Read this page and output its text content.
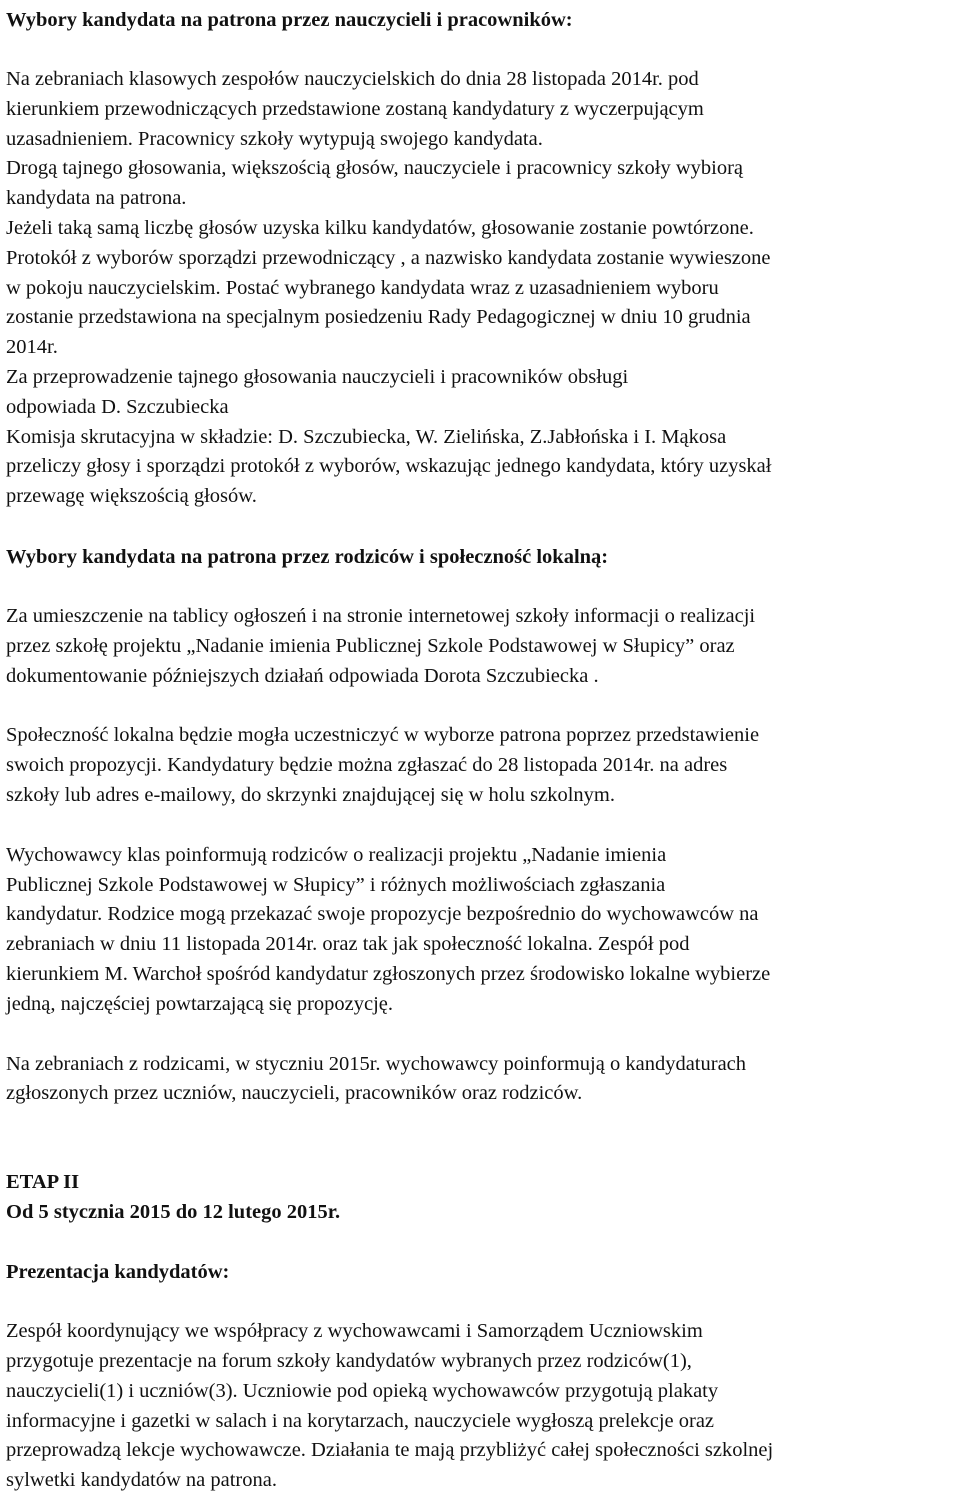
Wybory kandydata na patrona przez nauczycieli i pracowników:
Na zebraniach klasowych zespołów nauczycielskich do dnia 28 listopada 2014r. pod
kierunkiem przewodniczących przedstawione zostaną kandydatury z wyczerpującym
uzasadnieniem. Pracownicy szkoły wytypują swojego kandydata.
Drogą tajnego głosowania, większością głosów, nauczyciele i pracownicy szkoły wybiorą
kandydata na patrona.
Jeżeli taką samą liczbę głosów uzyska kilku kandydatów, głosowanie zostanie powtórzone.
Protokół z wyborów sporządzi przewodniczący , a nazwisko kandydata zostanie wywieszone
w pokoju nauczycielskim. Postać wybranego kandydata wraz z uzasadnieniem wyboru
zostanie przedstawiona na specjalnym posiedzeniu Rady Pedagogicznej w dniu 10 grudnia
2014r.
Za przeprowadzenie tajnego głosowania nauczycieli i pracowników obsługi
odpowiada D. Szczubiecka
Komisja skrutacyjna w składzie: D. Szczubiecka, W. Zielińska, Z.Jabłońska i I. Mąkosa
przeliczy głosy i sporządzi protokół z wyborów, wskazując jednego kandydata, który uzyskał
przewagę większością głosów.
Wybory kandydata na patrona przez rodziców i społeczność lokalną:
Za umieszczenie na tablicy ogłoszeń i na stronie internetowej szkoły informacji o realizacji
przez szkołę projektu „Nadanie imienia Publicznej Szkole Podstawowej w Słupicy” oraz
dokumentowanie późniejszych działań odpowiada Dorota Szczubiecka .
Społeczność lokalna będzie mogła uczestniczyć w wyborze patrona poprzez przedstawienie
swoich propozycji. Kandydatury będzie można zgłaszać do 28 listopada 2014r. na adres
szkoły lub adres e-mailowy, do skrzynki znajdującej się w holu szkolnym.
Wychowawcy klas poinformują rodziców o realizacji projektu „Nadanie imienia
Publicznej Szkole Podstawowej w Słupicy” i różnych możliwościach zgłaszania
kandydatur. Rodzice mogą przekazać swoje propozycje bezpośrednio do wychowawców na
zebraniach w dniu 11 listopada 2014r. oraz tak jak społeczność lokalna. Zespół pod
kierunkiem M. Warchoł spośród kandydatur zgłoszonych przez środowisko lokalne wybierze
jedną, najczęściej powtarzającą się propozycję.
Na zebraniach z rodzicami, w styczniu 2015r. wychowawcy poinformują o kandydaturach
zgłoszonych przez uczniów, nauczycieli, pracowników oraz rodziców.
ETAP II
Od 5 stycznia 2015 do 12 lutego 2015r.
Prezentacja kandydatów:
Zespół koordynujący we współpracy z wychowawcami i Samorządem Uczniowskim
przygotuje prezentacje na forum szkoły kandydatów wybranych przez rodziców(1),
nauczycieli(1) i uczniów(3). Uczniowie pod opieką wychowawców przygotują plakaty
informacyjne i gazetki w salach i na korytarzach, nauczyciele wygłoszą prelekcje oraz
przeprowadzą lekcje wychowawcze. Działania te mają przybliżyć całej społeczności szkolnej
sylwetki kandydatów na patrona.
